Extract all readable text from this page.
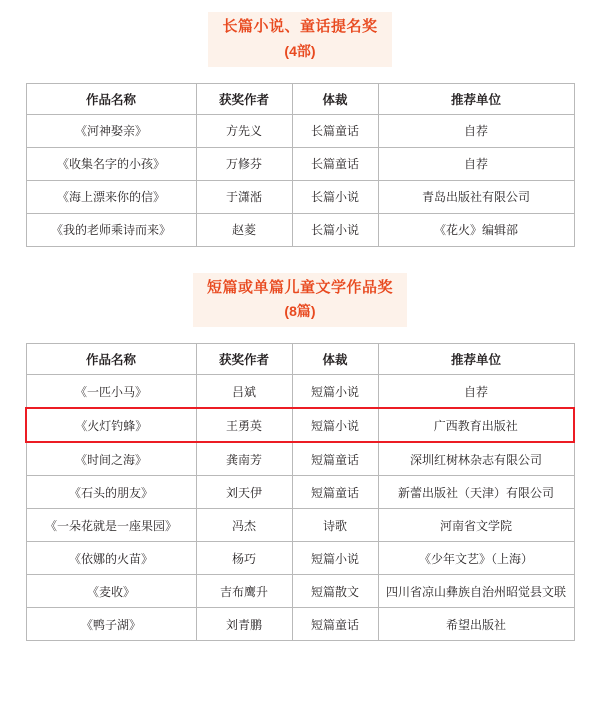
长篇小说、童话提名奖
(4部)
作品名称	获奖作者	体裁	推荐单位
《河神娶亲》	方先义	长篇童话	自荐
《收集名字的小孩》	万修芬	长篇童话	自荐
《海上漂来你的信》	于潇湉	长篇小说	青岛出版社有限公司
《我的老师乘诗而来》	赵菱	长篇小说	《花火》编辑部
短篇或单篇儿童文学作品奖
(8篇)
作品名称	获奖作者	体裁	推荐单位
《一匹小马》	吕斌	短篇小说	自荐
《火灯钓蜂》	王勇英	短篇小说	广西教育出版社
《时间之海》	龚南芳	短篇童话	深圳红树林杂志有限公司
《石头的朋友》	刘天伊	短篇童话	新蕾出版社（天津）有限公司
《一朵花就是一座果园》	冯杰	诗歌	河南省文学院
《依娜的火苗》	杨巧	短篇小说	《少年文艺》（上海）
《麦收》	吉布鹰升	短篇散文	四川省凉山彝族自治州昭觉县文联
《鸭子湖》	刘青鹏	短篇童话	希望出版社
